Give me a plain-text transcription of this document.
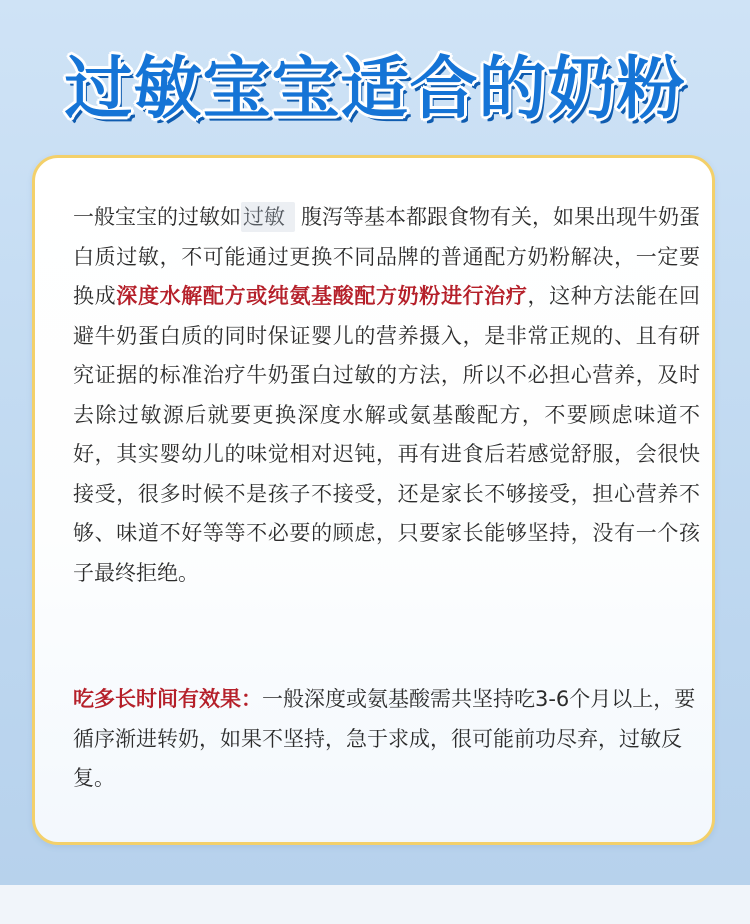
过敏宝宝适合的奶粉

一般宝宝的过敏如过敏 腹泻等基本都跟食物有关，如果出现牛奶蛋白质过敏，不可能通过更换不同品牌的普通配方奶粉解决，一定要换成深度水解配方或纯氨基酸配方奶粉进行治疗，这种方法能在回避牛奶蛋白质的同时保证婴儿的营养摄入，是非常正规的、且有研究证据的标准治疗牛奶蛋白过敏的方法，所以不必担心营养，及时去除过敏源后就要更换深度水解或氨基酸配方，不要顾虑味道不好，其实婴幼儿的味觉相对迟钝，再有进食后若感觉舒服，会很快接受，很多时候不是孩子不接受，还是家长不够接受，担心营养不够、味道不好等等不必要的顾虑，只要家长能够坚持，没有一个孩子最终拒绝。

吃多长时间有效果：一般深度或氨基酸需共坚持吃3-6个月以上，要循序渐进转奶，如果不坚持，急于求成，很可能前功尽弃，过敏反复。
